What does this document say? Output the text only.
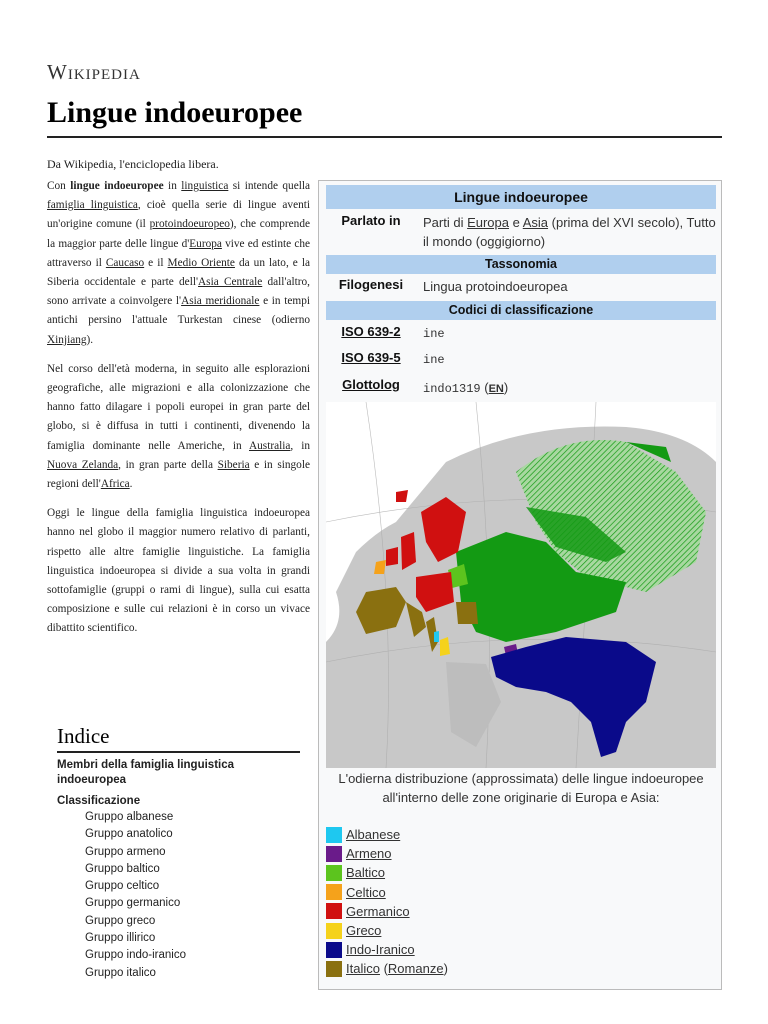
Wikipedia
Lingue indoeuropee
Da Wikipedia, l'enciclopedia libera.

Con lingue indoeuropee in linguistica si intende quella famiglia linguistica, cioè quella serie di lingue aventi un'origine comune (il protoindoeuropeo), che comprende la maggior parte delle lingue d'Europa vive ed estinte che attraverso il Caucaso e il Medio Oriente da un lato, e la Siberia occidentale e parte dell'Asia Centrale dall'altro, sono arrivate a coinvolgere l'Asia meridionale e in tempi antichi persino l'attuale Turkestan cinese (odierno Xinjiang).

Nel corso dell'età moderna, in seguito alle esplorazioni geografiche, alle migrazioni e alla colonizzazione che hanno fatto dilagare i popoli europei in gran parte del globo, si è diffusa in tutti i continenti, divenendo la famiglia dominante nelle Americhe, in Australia, in Nuova Zelanda, in gran parte della Siberia e in singole regioni dell'Africa.

Oggi le lingue della famiglia linguistica indoeuropea hanno nel globo il maggior numero relativo di parlanti, rispetto alle altre famiglie linguistiche. La famiglia linguistica indoeuropea si divide a sua volta in grandi sottofamiglie (gruppi o rami di lingue), sulla cui esatta composizione e sulle cui relazioni è in corso un vivace dibattito scientifico.

Lingue indoeuropee
Parlato in	Parti di Europa e Asia (prima del XVI secolo), Tutto il mondo (oggigiorno)
Tassonomia
Filogenesi	Lingua protoindoeuropea
Codici di classificazione
ISO 639-2	ine
ISO 639-5	ine
Glottolog	indo1319 (EN)
L'odierna distribuzione (approssimata) delle lingue indoeuropee all'interno delle zone originarie di Europa e Asia:
Albanese
Armeno
Baltico
Celtico
Germanico
Greco
Indo-Iranico
Italico ( Romanze )
Indice
Membri della famiglia linguistica indoeuropea
Classificazione
Gruppo albanese
Gruppo anatolico
Gruppo armeno
Gruppo baltico
Gruppo celtico
Gruppo germanico
Gruppo greco
Gruppo illirico
Gruppo indo-iranico
Gruppo italico
